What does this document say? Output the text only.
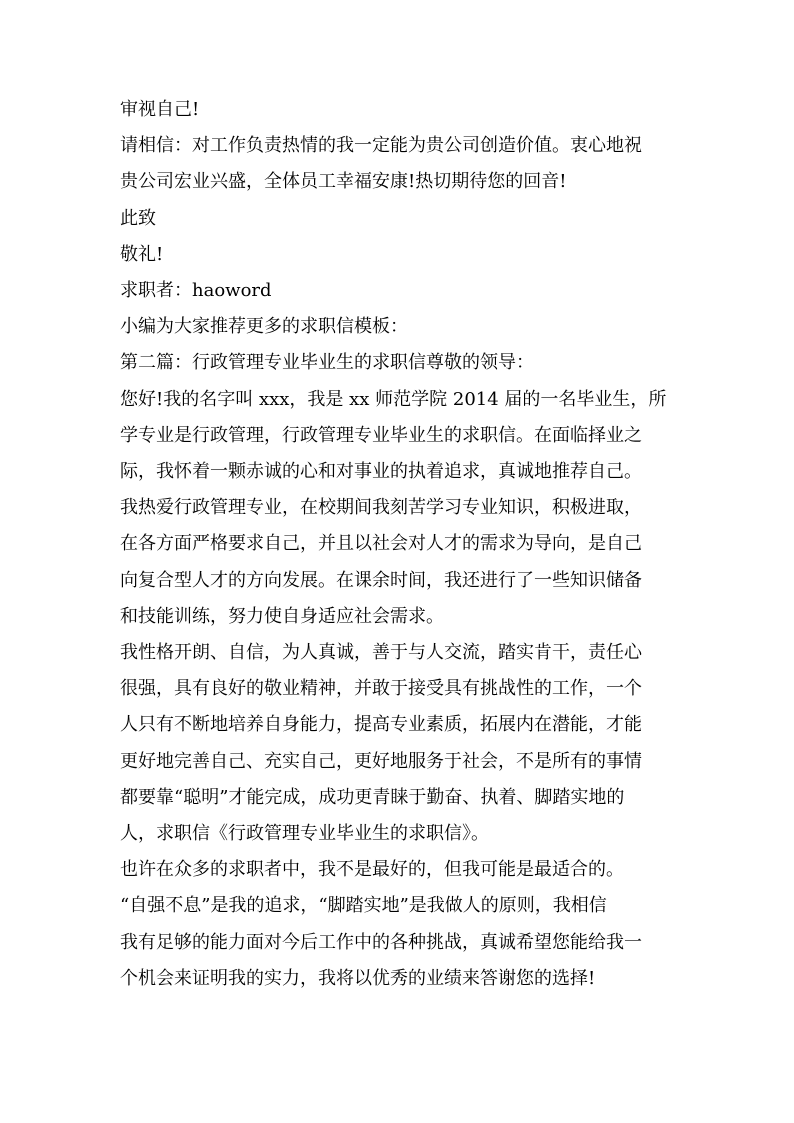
审视自己!

请相信：对工作负责热情的我一定能为贵公司创造价值。衷心地祝

贵公司宏业兴盛，全体员工幸福安康!热切期待您的回音!

此致

敬礼!

求职者：haoword

小编为大家推荐更多的求职信模板：

第二篇：行政管理专业毕业生的求职信尊敬的领导：

您好!我的名字叫 xxx，我是 xx 师范学院 2014 届的一名毕业生，所

学专业是行政管理，行政管理专业毕业生的求职信。在面临择业之

际，我怀着一颗赤诚的心和对事业的执着追求，真诚地推荐自己。

我热爱行政管理专业，在校期间我刻苦学习专业知识，积极进取，

在各方面严格要求自己，并且以社会对人才的需求为导向，是自己

向复合型人才的方向发展。在课余时间，我还进行了一些知识储备

和技能训练，努力使自身适应社会需求。

我性格开朗、自信，为人真诚，善于与人交流，踏实肯干，责任心

很强，具有良好的敬业精神，并敢于接受具有挑战性的工作，一个

人只有不断地培养自身能力，提高专业素质，拓展内在潜能，才能

更好地完善自己、充实自己，更好地服务于社会，不是所有的事情

都要靠“聪明”才能完成，成功更青睐于勤奋、执着、脚踏实地的

人，求职信《行政管理专业毕业生的求职信》。

也许在众多的求职者中，我不是最好的，但我可能是最适合的。

“自强不息”是我的追求，“脚踏实地”是我做人的原则，我相信

我有足够的能力面对今后工作中的各种挑战，真诚希望您能给我一

个机会来证明我的实力，我将以优秀的业绩来答谢您的选择!
